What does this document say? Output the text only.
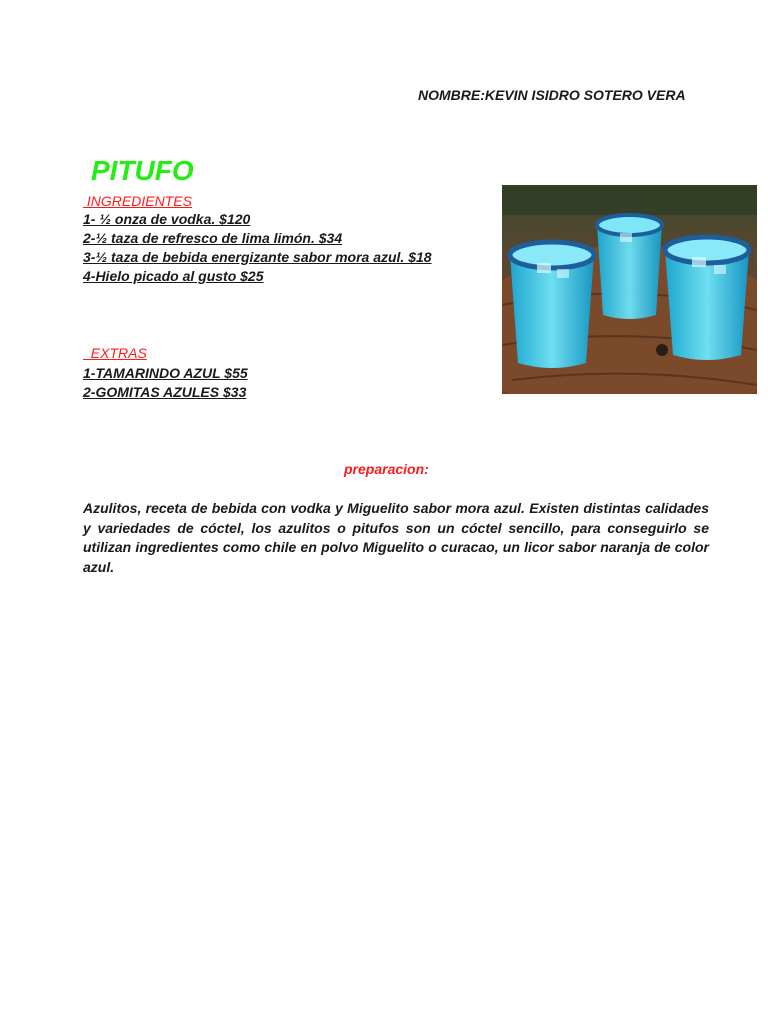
NOMBRE:KEVIN ISIDRO SOTERO VERA
PITUFO
INGREDIENTES
1- ½ onza de vodka. $120
2-½ taza de refresco de lima limón. $34
3-½ taza de bebida energizante sabor mora azul. $18
4-Hielo picado al gusto $25
EXTRAS
1-TAMARINDO AZUL $55
2-GOMITAS AZULES $33
preparacion:
Azulitos, receta de bebida con vodka y Miguelito sabor mora azul. Existen distintas calidades y variedades de cóctel, los azulitos o pitufos son un cóctel sencillo, para conseguirlo se utilizan ingredientes como chile en polvo Miguelito o curacao, un licor sabor naranja de color azul.
